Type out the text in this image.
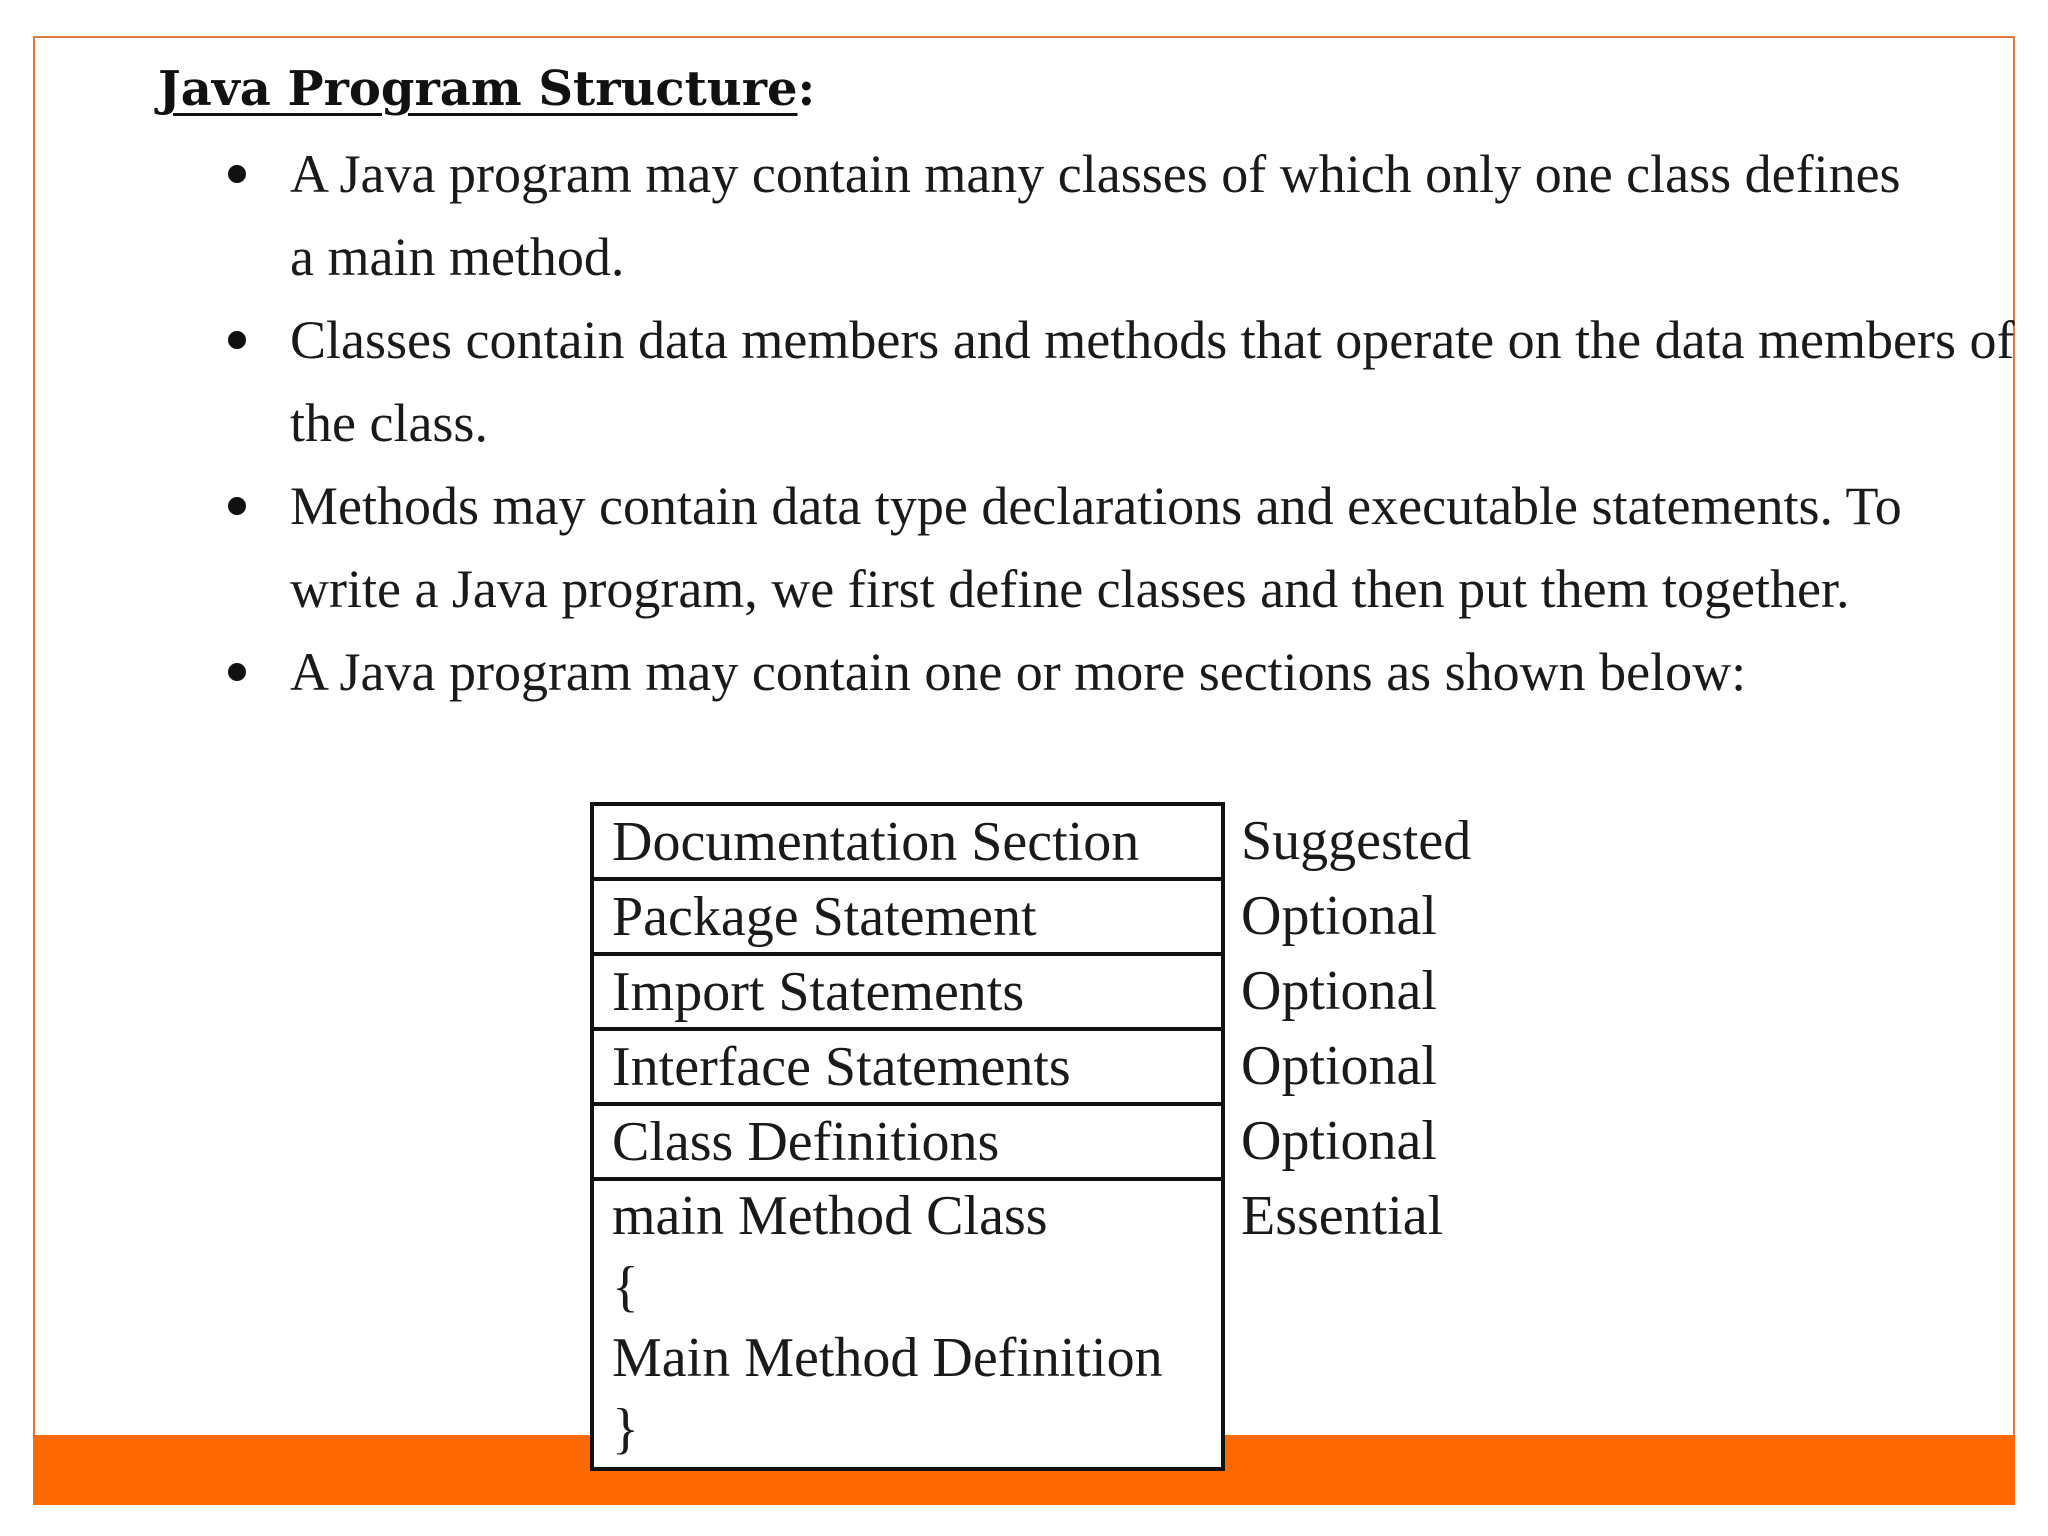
Java Program Structure:
A Java program may contain many classes of which only one class defines a main method.
Classes contain data members and methods that operate on the data members of the class.
Methods may contain data type declarations and executable statements. To write a Java program, we first define classes and then put them together.
A Java program may contain one or more sections as shown below:
Documentation Section
Package Statement
Import Statements
Interface Statements
Class Definitions
main Method Class
{
Main Method Definition
}
Suggested
Optional
Optional
Optional
Optional
Essential
